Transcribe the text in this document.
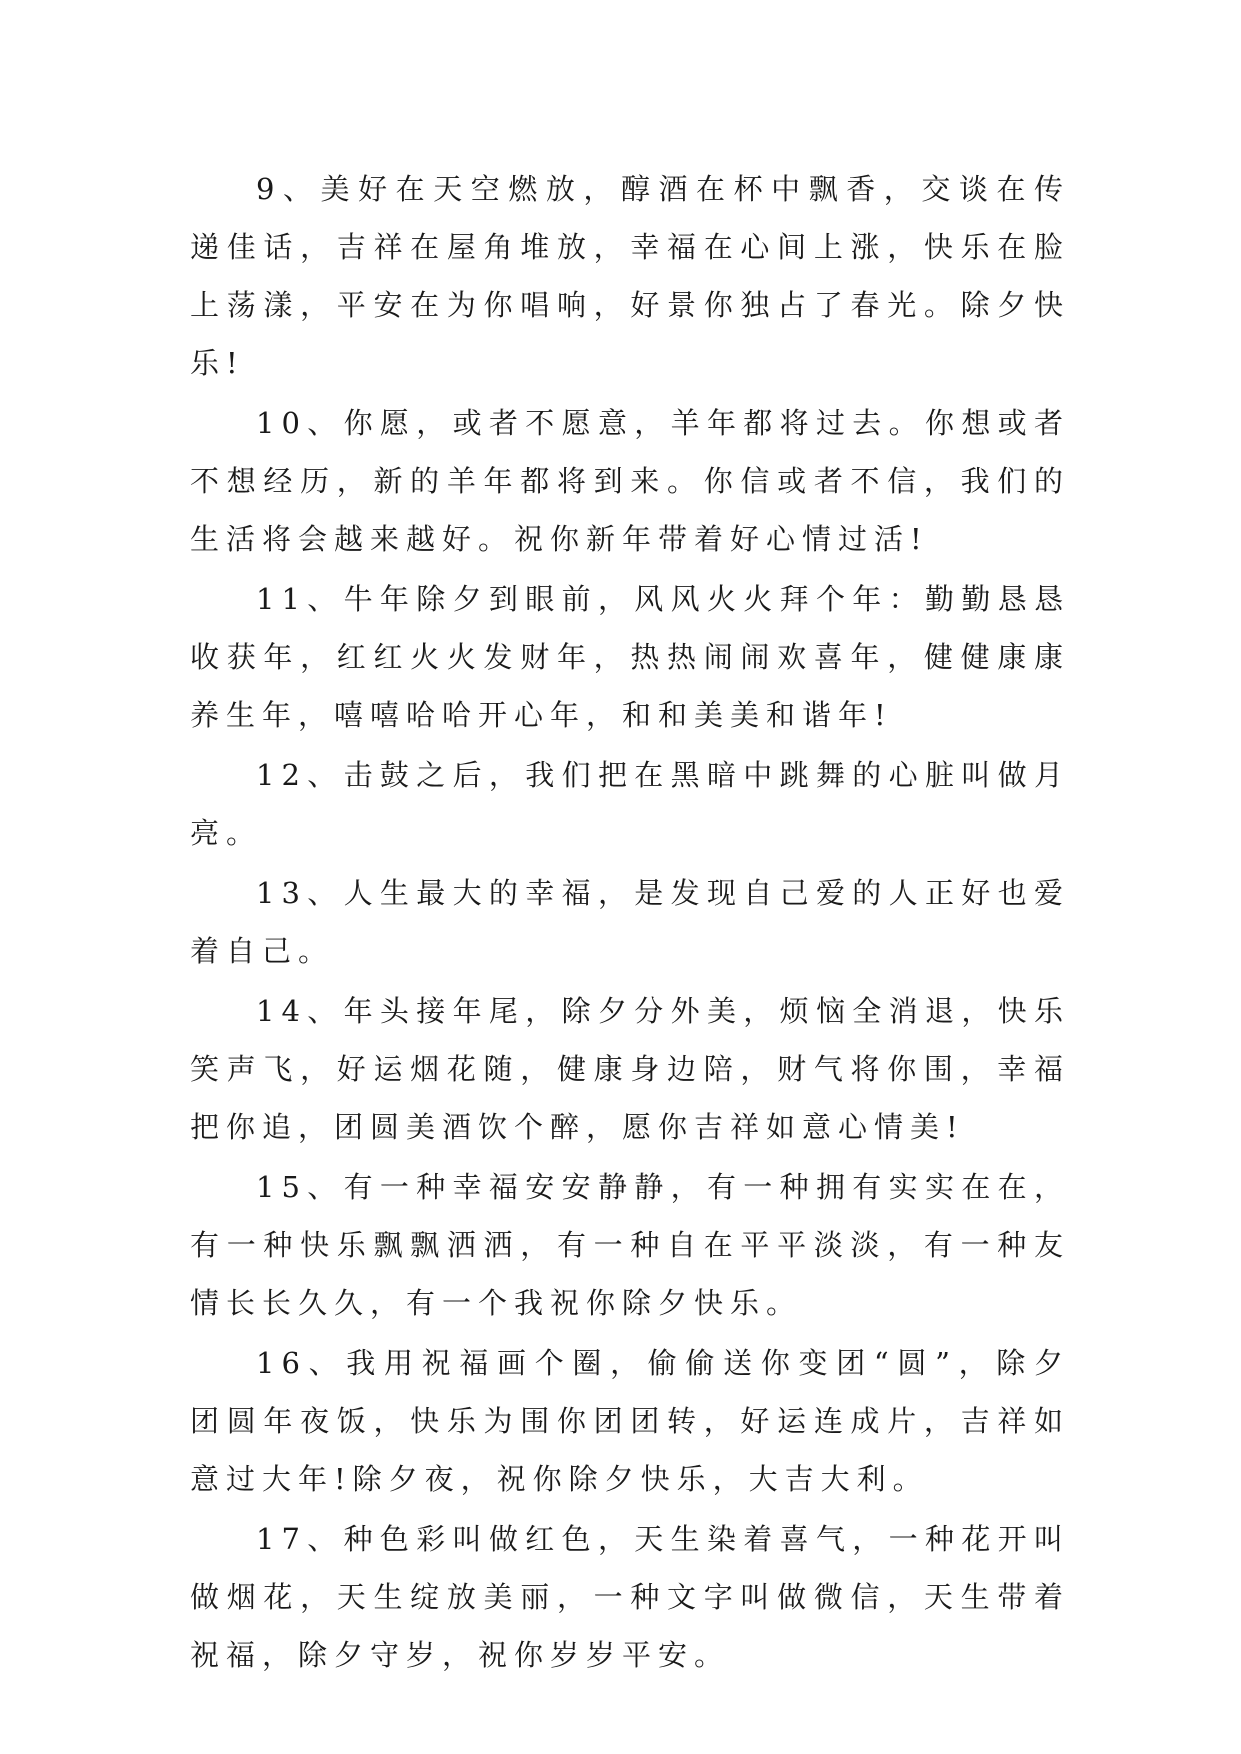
9、美好在天空燃放，醇酒在杯中飘香，交谈在传递佳话，吉祥在屋角堆放，幸福在心间上涨，快乐在脸上荡漾，平安在为你唱响，好景你独占了春光。除夕快乐!

10、你愿，或者不愿意，羊年都将过去。你想或者不想经历，新的羊年都将到来。你信或者不信，我们的生活将会越来越好。祝你新年带着好心情过活!

11、牛年除夕到眼前，风风火火拜个年：勤勤恳恳收获年，红红火火发财年，热热闹闹欢喜年，健健康康养生年，嘻嘻哈哈开心年，和和美美和谐年!

12、击鼓之后，我们把在黑暗中跳舞的心脏叫做月亮。

13、人生最大的幸福，是发现自己爱的人正好也爱着自己。

14、年头接年尾，除夕分外美，烦恼全消退，快乐笑声飞，好运烟花随，健康身边陪，财气将你围，幸福把你追，团圆美酒饮个醉，愿你吉祥如意心情美!

15、有一种幸福安安静静，有一种拥有实实在在，有一种快乐飘飘洒洒，有一种自在平平淡淡，有一种友情长长久久，有一个我祝你除夕快乐。

16、我用祝福画个圈，偷偷送你变团“圆”，除夕团圆年夜饭，快乐为围你团团转，好运连成片，吉祥如意过大年!除夕夜，祝你除夕快乐，大吉大利。

17、种色彩叫做红色，天生染着喜气，一种花开叫做烟花，天生绽放美丽，一种文字叫做微信，天生带着祝福，除夕守岁，祝你岁岁平安。
